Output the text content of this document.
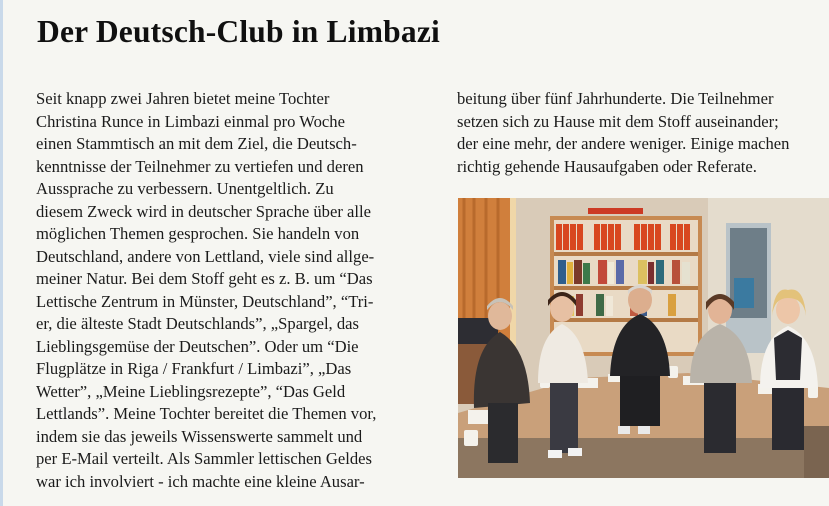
Der Deutsch-Club in Limbazi
Seit knapp zwei Jahren bietet meine Tochter
Christina Runce in Limbazi einmal pro Woche
einen Stammtisch an mit dem Ziel, die Deutsch-
kenntnisse der Teilnehmer zu vertiefen und deren
Aussprache zu verbessern. Unentgeltlich. Zu
diesem Zweck wird in deutscher Sprache über alle
möglichen Themen gesprochen. Sie handeln von
Deutschland, andere von Lettland, viele sind allge-
meiner Natur. Bei dem Stoff geht es z. B. um “Das
Lettische Zentrum in Münster, Deutschland”, “Tri-
er, die älteste Stadt Deutschlands”, „Spargel, das
Lieblingsgemüse der Deutschen”. Oder um “Die
Flugplätze in Riga / Frankfurt / Limbazi”, „Das
Wetter”, „Meine Lieblingsrezepte”, “Das Geld
Lettlands”. Meine Tochter bereitet die Themen vor,
indem sie das jeweils Wissenswerte sammelt und
per E-Mail verteilt. Als Sammler lettischen Geldes
war ich involviert - ich machte eine kleine Ausar-
beitung über fünf Jahrhunderte. Die Teilnehmer
setzen sich zu Hause mit dem Stoff auseinander;
der eine mehr, der andere weniger. Einige machen
richtig gehende Hausaufgaben oder Referate.
